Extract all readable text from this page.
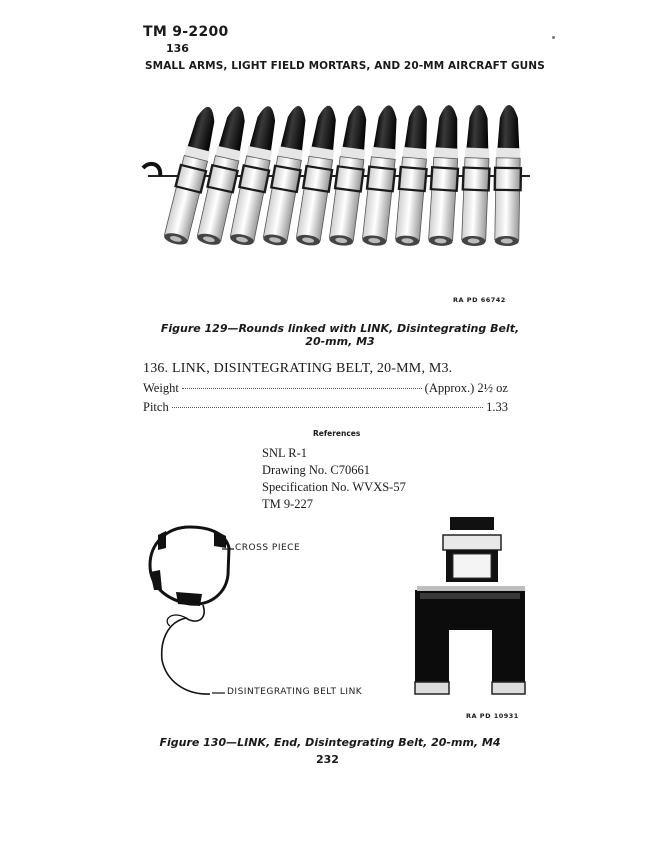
TM 9-2200
136
SMALL ARMS, LIGHT FIELD MORTARS, AND 20-MM AIRCRAFT GUNS
RA PD 66742
Figure 129—Rounds linked with LINK, Disintegrating Belt,
20-mm, M3
136. LINK, DISINTEGRATING BELT, 20-MM, M3.
Weight	(Approx.) 2½ oz
Pitch	1.33
References
SNL R-1
Drawing No. C70661
Specification No. WVXS-57
TM 9-227
CROSS PIECE
DISINTEGRATING BELT LINK
RA PD 10931
Figure 130—LINK, End, Disintegrating Belt, 20-mm, M4
232
